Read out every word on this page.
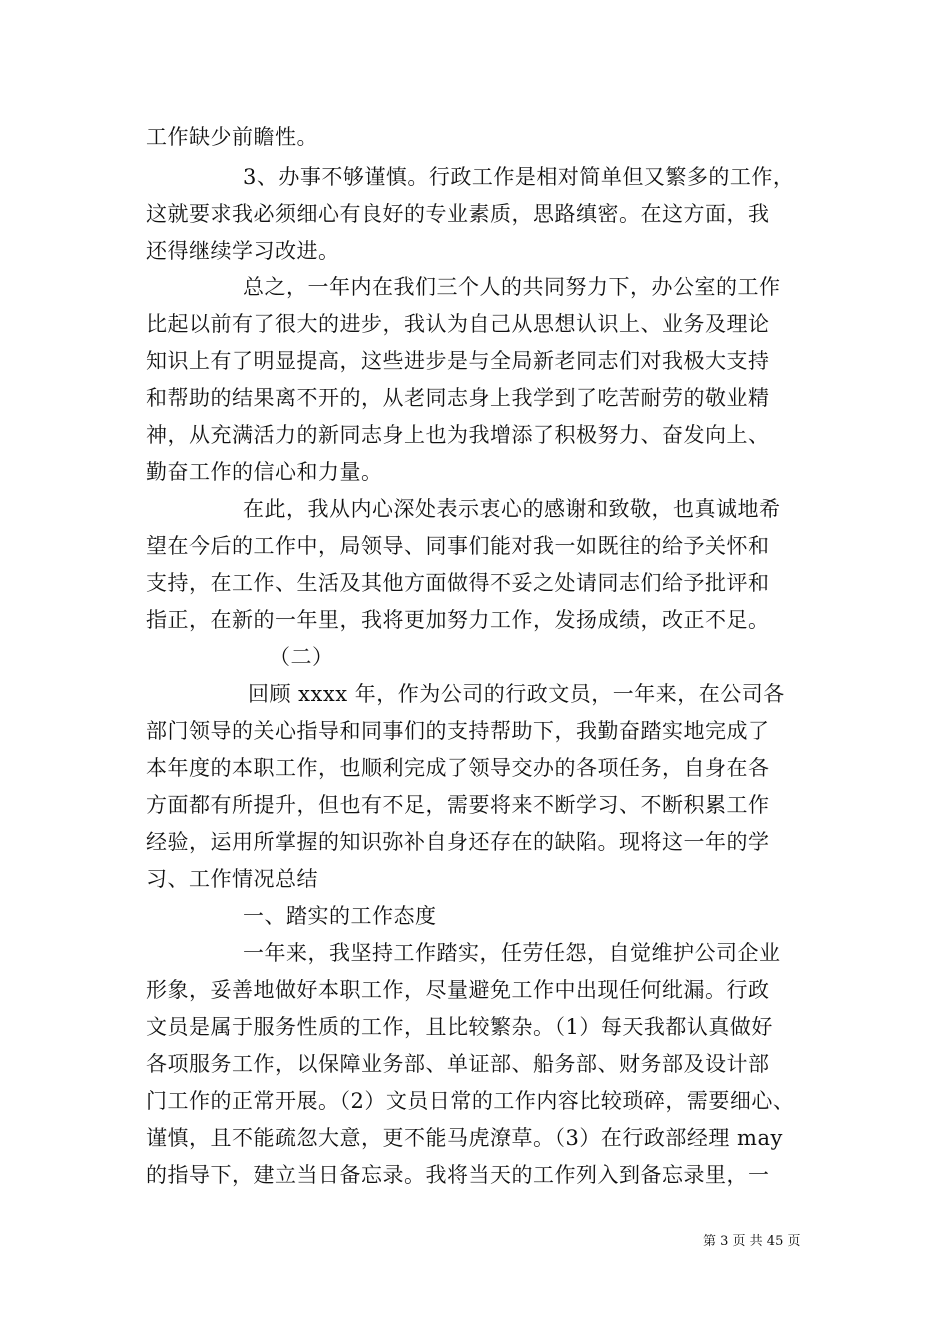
工作缺少前瞻性。
3、办事不够谨慎。行政工作是相对简单但又繁多的工作，
这就要求我必须细心有良好的专业素质，思路缜密。在这方面，我
还得继续学习改进。
总之，一年内在我们三个人的共同努力下，办公室的工作
比起以前有了很大的进步，我认为自己从思想认识上、业务及理论
知识上有了明显提高，这些进步是与全局新老同志们对我极大支持
和帮助的结果离不开的，从老同志身上我学到了吃苦耐劳的敬业精
神，从充满活力的新同志身上也为我增添了积极努力、奋发向上、
勤奋工作的信心和力量。
在此，我从内心深处表示衷心的感谢和致敬，也真诚地希
望在今后的工作中，局领导、同事们能对我一如既往的给予关怀和
支持，在工作、生活及其他方面做得不妥之处请同志们给予批评和
指正，在新的一年里，我将更加努力工作，发扬成绩，改正不足。
（二）
回顾 xxxx 年，作为公司的行政文员，一年来，在公司各
部门领导的关心指导和同事们的支持帮助下，我勤奋踏实地完成了
本年度的本职工作，也顺利完成了领导交办的各项任务，自身在各
方面都有所提升，但也有不足，需要将来不断学习、不断积累工作
经验，运用所掌握的知识弥补自身还存在的缺陷。现将这一年的学
习、工作情况总结
一、踏实的工作态度
一年来，我坚持工作踏实，任劳任怨，自觉维护公司企业
形象，妥善地做好本职工作，尽量避免工作中出现任何纰漏。行政
文员是属于服务性质的工作，且比较繁杂。（1）每天我都认真做好
各项服务工作，以保障业务部、单证部、船务部、财务部及设计部
门工作的正常开展。（2）文员日常的工作内容比较琐碎，需要细心、
谨慎，且不能疏忽大意，更不能马虎潦草。（3）在行政部经理 may
的指导下，建立当日备忘录。我将当天的工作列入到备忘录里，一
第 3 页 共 45 页
